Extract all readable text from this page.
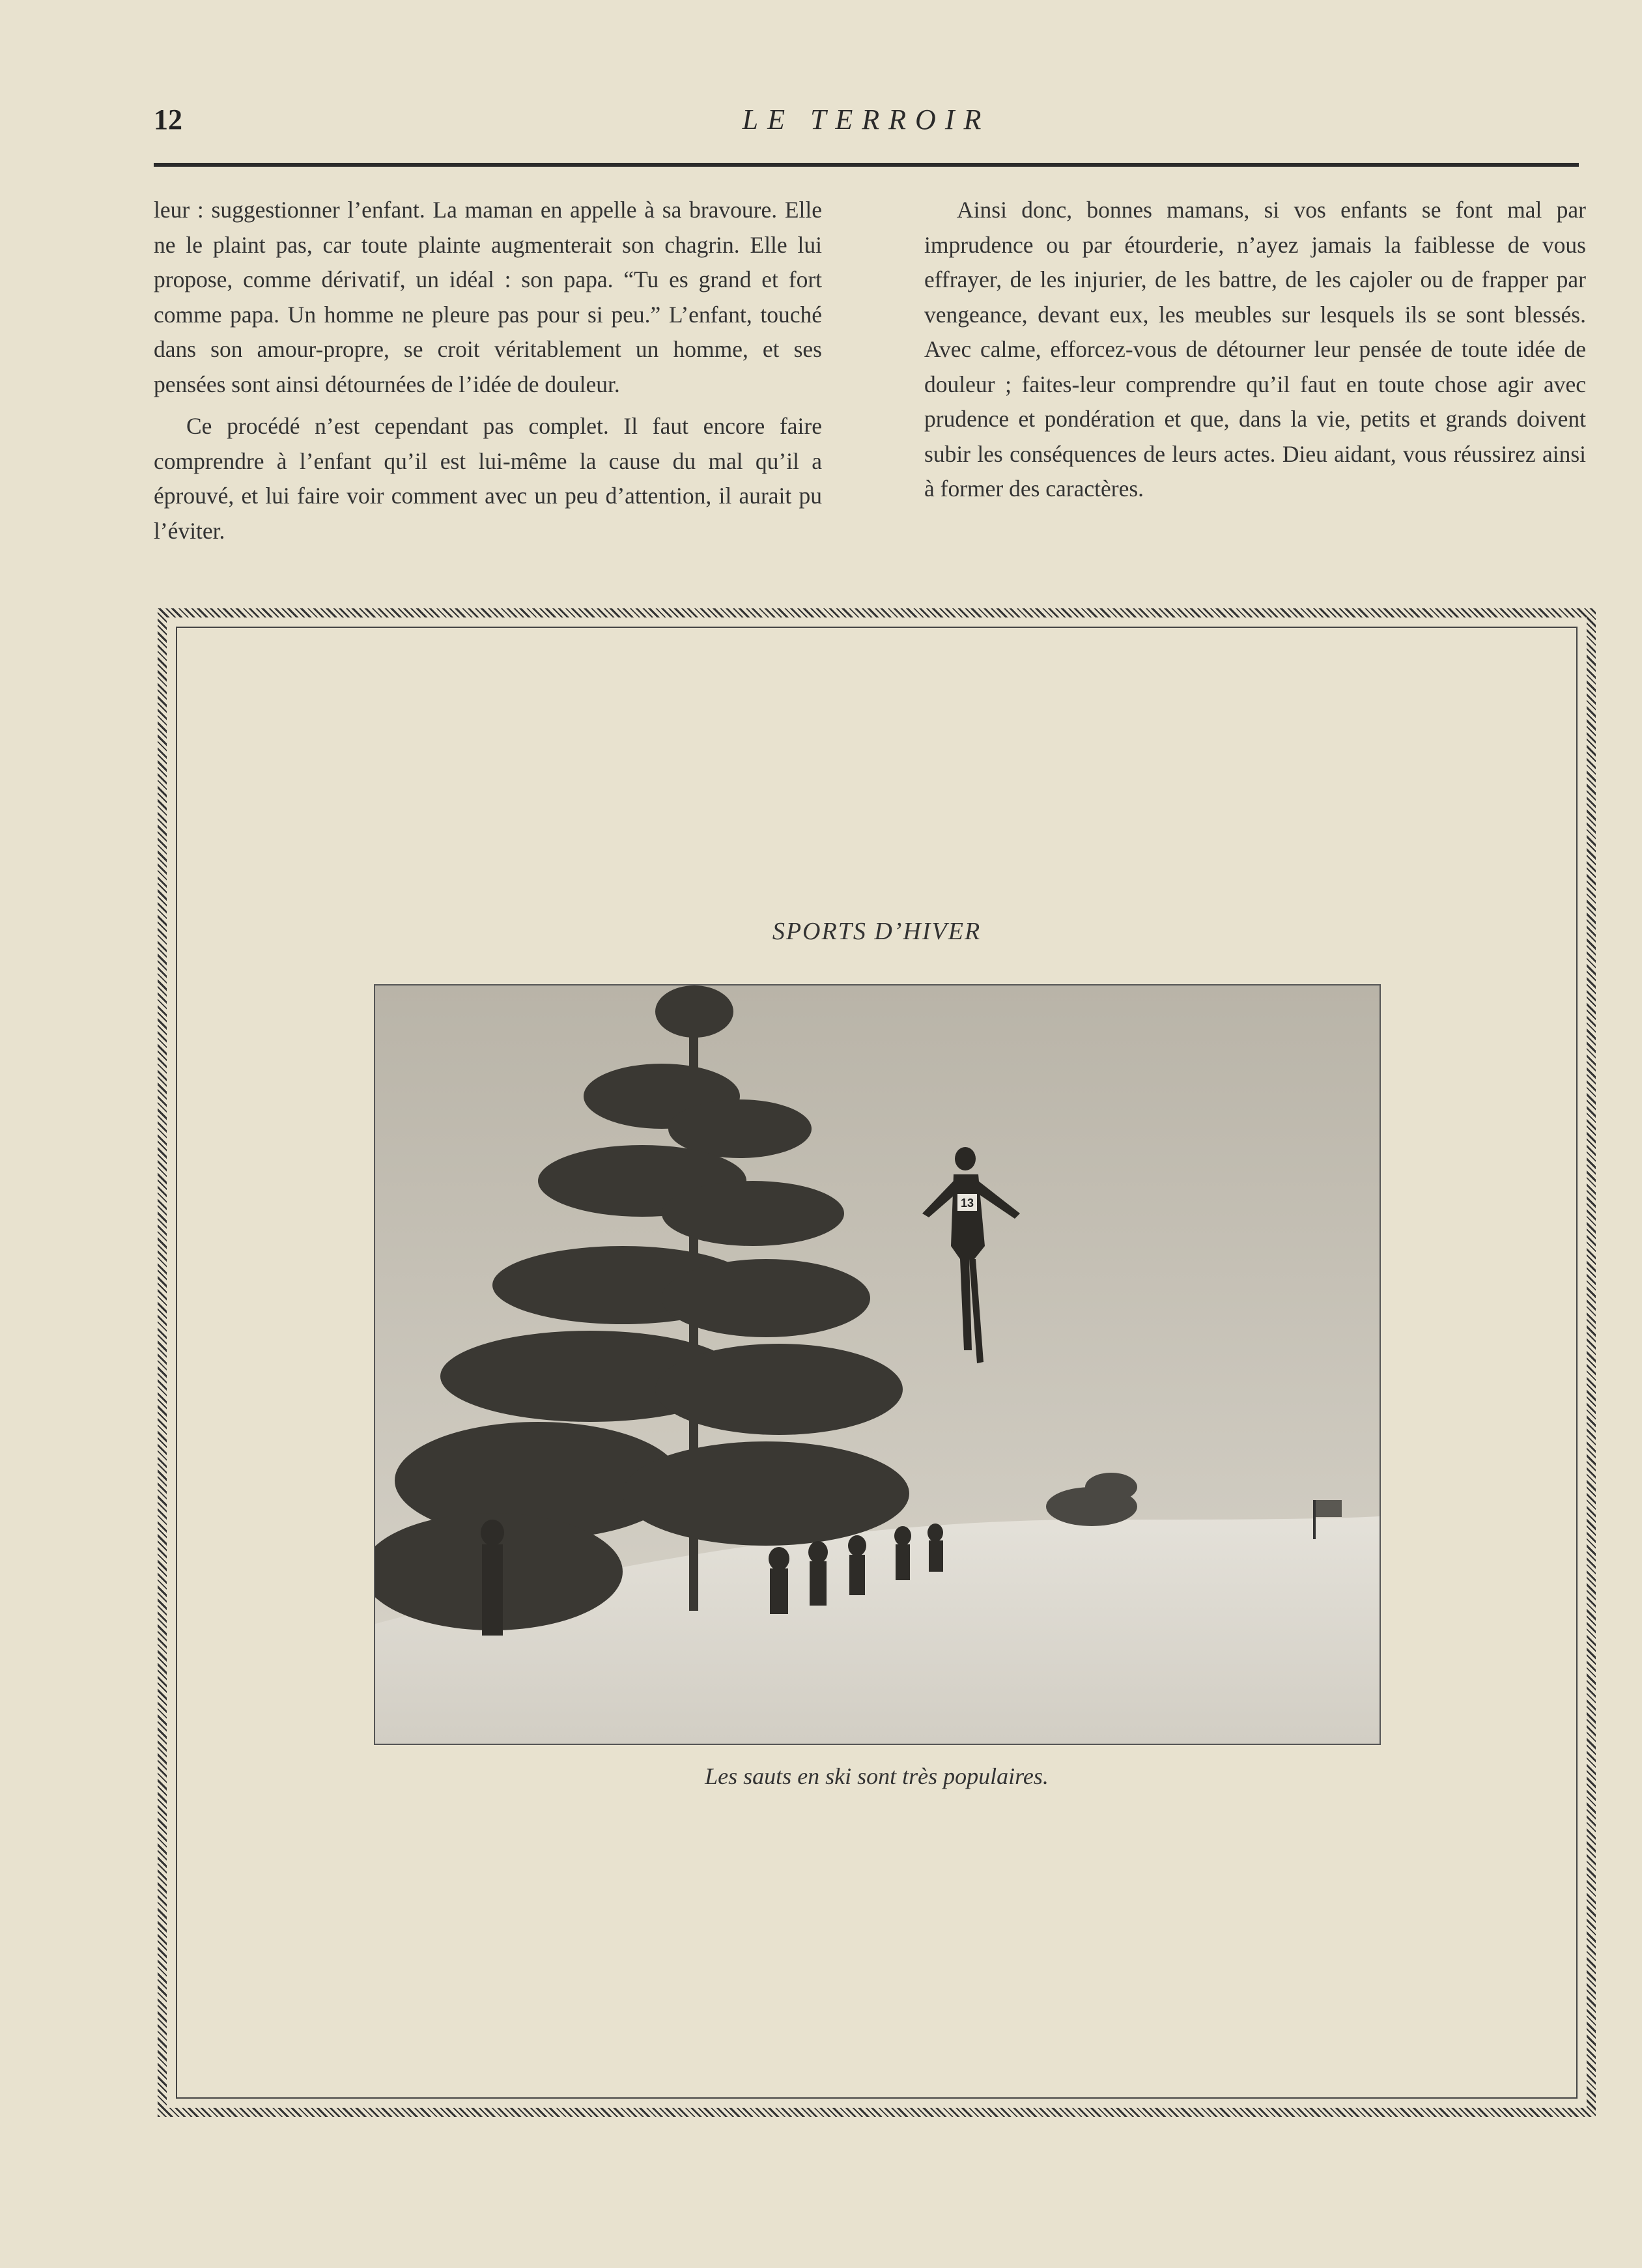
12	LE TERROIR

leur : suggestionner l’enfant. La maman en appelle à sa bravoure. Elle ne le plaint pas, car toute plainte augmenterait son chagrin. Elle lui propose, comme dérivatif, un idéal : son papa. “Tu es grand et fort comme papa. Un homme ne pleure pas pour si peu.” L’enfant, touché dans son amour-propre, se croit véritablement un homme, et ses pensées sont ainsi détournées de l’idée de douleur.

Ce procédé n’est cependant pas complet. Il faut encore faire comprendre à l’enfant qu’il est lui-même la cause du mal qu’il a éprouvé, et lui faire voir comment avec un peu d’attention, il aurait pu l’éviter.

Ainsi donc, bonnes mamans, si vos enfants se font mal par imprudence ou par étourderie, n’ayez jamais la faiblesse de vous effrayer, de les injurier, de les battre, de les cajoler ou de frapper par vengeance, devant eux, les meubles sur lesquels ils se sont blessés. Avec calme, efforcez-vous de détourner leur pensée de toute idée de douleur ; faites-leur comprendre qu’il faut en toute chose agir avec prudence et pondération et que, dans la vie, petits et grands doivent subir les conséquences de leurs actes. Dieu aidant, vous réussirez ainsi à former des caractères.

SPORTS D’HIVER
13
Les sauts en ski sont très populaires.
